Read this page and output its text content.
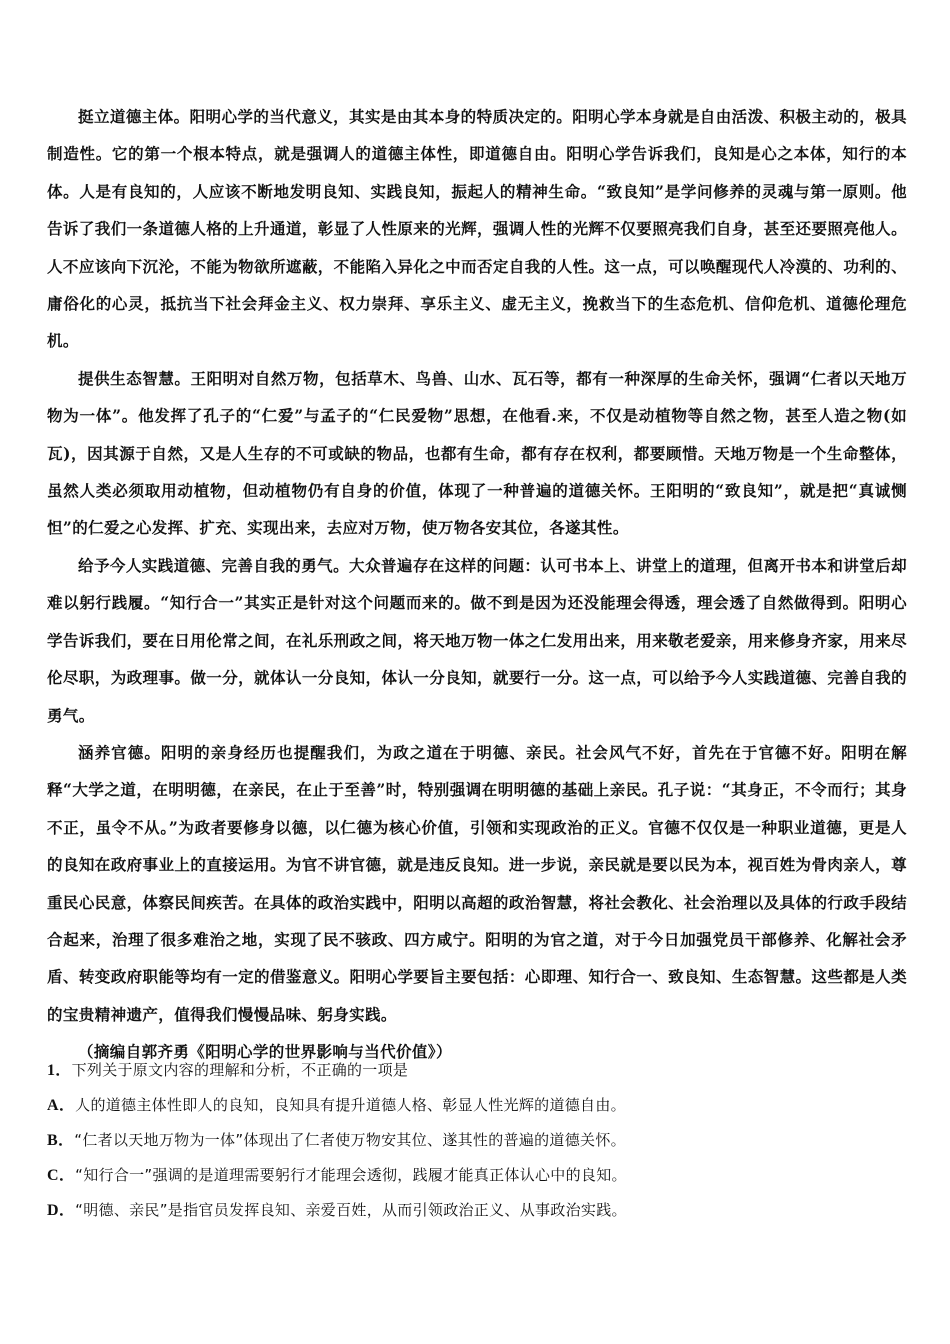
挺立道德主体。阳明心学的当代意义，其实是由其本身的特质决定的。阳明心学本身就是自由活泼、积极主动的，极具制造性。它的第一个根本特点，就是强调人的道德主体性，即道德自由。阳明心学告诉我们，良知是心之本体，知行的本体。人是有良知的，人应该不断地发明良知、实践良知，振起人的精神生命。“致良知”是学问修养的灵魂与第一原则。他告诉了我们一条道德人格的上升通道，彰显了人性原来的光辉，强调人性的光辉不仅要照亮我们自身，甚至还要照亮他人。人不应该向下沉沦，不能为物欲所遮蔽，不能陷入异化之中而否定自我的人性。这一点，可以唤醒现代人冷漠的、功利的、庸俗化的心灵，抵抗当下社会拜金主义、权力崇拜、享乐主义、虚无主义，挽救当下的生态危机、信仰危机、道德伦理危机。

提供生态智慧。王阳明对自然万物，包括草木、鸟兽、山水、瓦石等，都有一种深厚的生命关怀，强调“仁者以天地万物为一体”。他发挥了孔子的“仁爱”与孟子的“仁民爱物”思想，在他看.来，不仅是动植物等自然之物，甚至人造之物(如瓦)，因其源于自然，又是人生存的不可或缺的物品，也都有生命，都有存在权利，都要顾惜。天地万物是一个生命整体，虽然人类必须取用动植物，但动植物仍有自身的价值，体现了一种普遍的道德关怀。王阳明的“致良知”，就是把“真诚恻怛”的仁爱之心发挥、扩充、实现出来，去应对万物，使万物各安其位，各遂其性。

给予今人实践道德、完善自我的勇气。大众普遍存在这样的问题：认可书本上、讲堂上的道理，但离开书本和讲堂后却难以躬行践履。“知行合一”其实正是针对这个问题而来的。做不到是因为还没能理会得透，理会透了自然做得到。阳明心学告诉我们，要在日用伦常之间，在礼乐刑政之间，将天地万物一体之仁发用出来，用来敬老爱亲，用来修身齐家，用来尽伦尽职，为政理事。做一分，就体认一分良知，体认一分良知，就要行一分。这一点，可以给予今人实践道德、完善自我的勇气。

涵养官德。阳明的亲身经历也提醒我们，为政之道在于明德、亲民。社会风气不好，首先在于官德不好。阳明在解释“大学之道，在明明德，在亲民，在止于至善”时，特别强调在明明德的基础上亲民。孔子说：“其身正，不令而行；其身不正，虽令不从。”为政者要修身以德，以仁德为核心价值，引领和实现政治的正义。官德不仅仅是一种职业道德，更是人的良知在政府事业上的直接运用。为官不讲官德，就是违反良知。进一步说，亲民就是要以民为本，视百姓为骨肉亲人，尊重民心民意，体察民间疾苦。在具体的政治实践中，阳明以高超的政治智慧，将社会教化、社会治理以及具体的行政手段结合起来，治理了很多难治之地，实现了民不骇政、四方咸宁。阳明的为官之道，对于今日加强党员干部修养、化解社会矛盾、转变政府职能等均有一定的借鉴意义。阳明心学要旨主要包括：心即理、知行合一、致良知、生态智慧。这些都是人类的宝贵精神遗产，值得我们慢慢品味、躬身实践。

（摘编自郭齐勇《阳明心学的世界影响与当代价值》）

1．下列关于原文内容的理解和分析，不正确的一项是

A．人的道德主体性即人的良知，良知具有提升道德人格、彰显人性光辉的道德自由。

B．“仁者以天地万物为一体”体现出了仁者使万物安其位、遂其性的普遍的道德关怀。

C．“知行合一”强调的是道理需要躬行才能理会透彻，践履才能真正体认心中的良知。

D．“明德、亲民”是指官员发挥良知、亲爱百姓，从而引领政治正义、从事政治实践。
